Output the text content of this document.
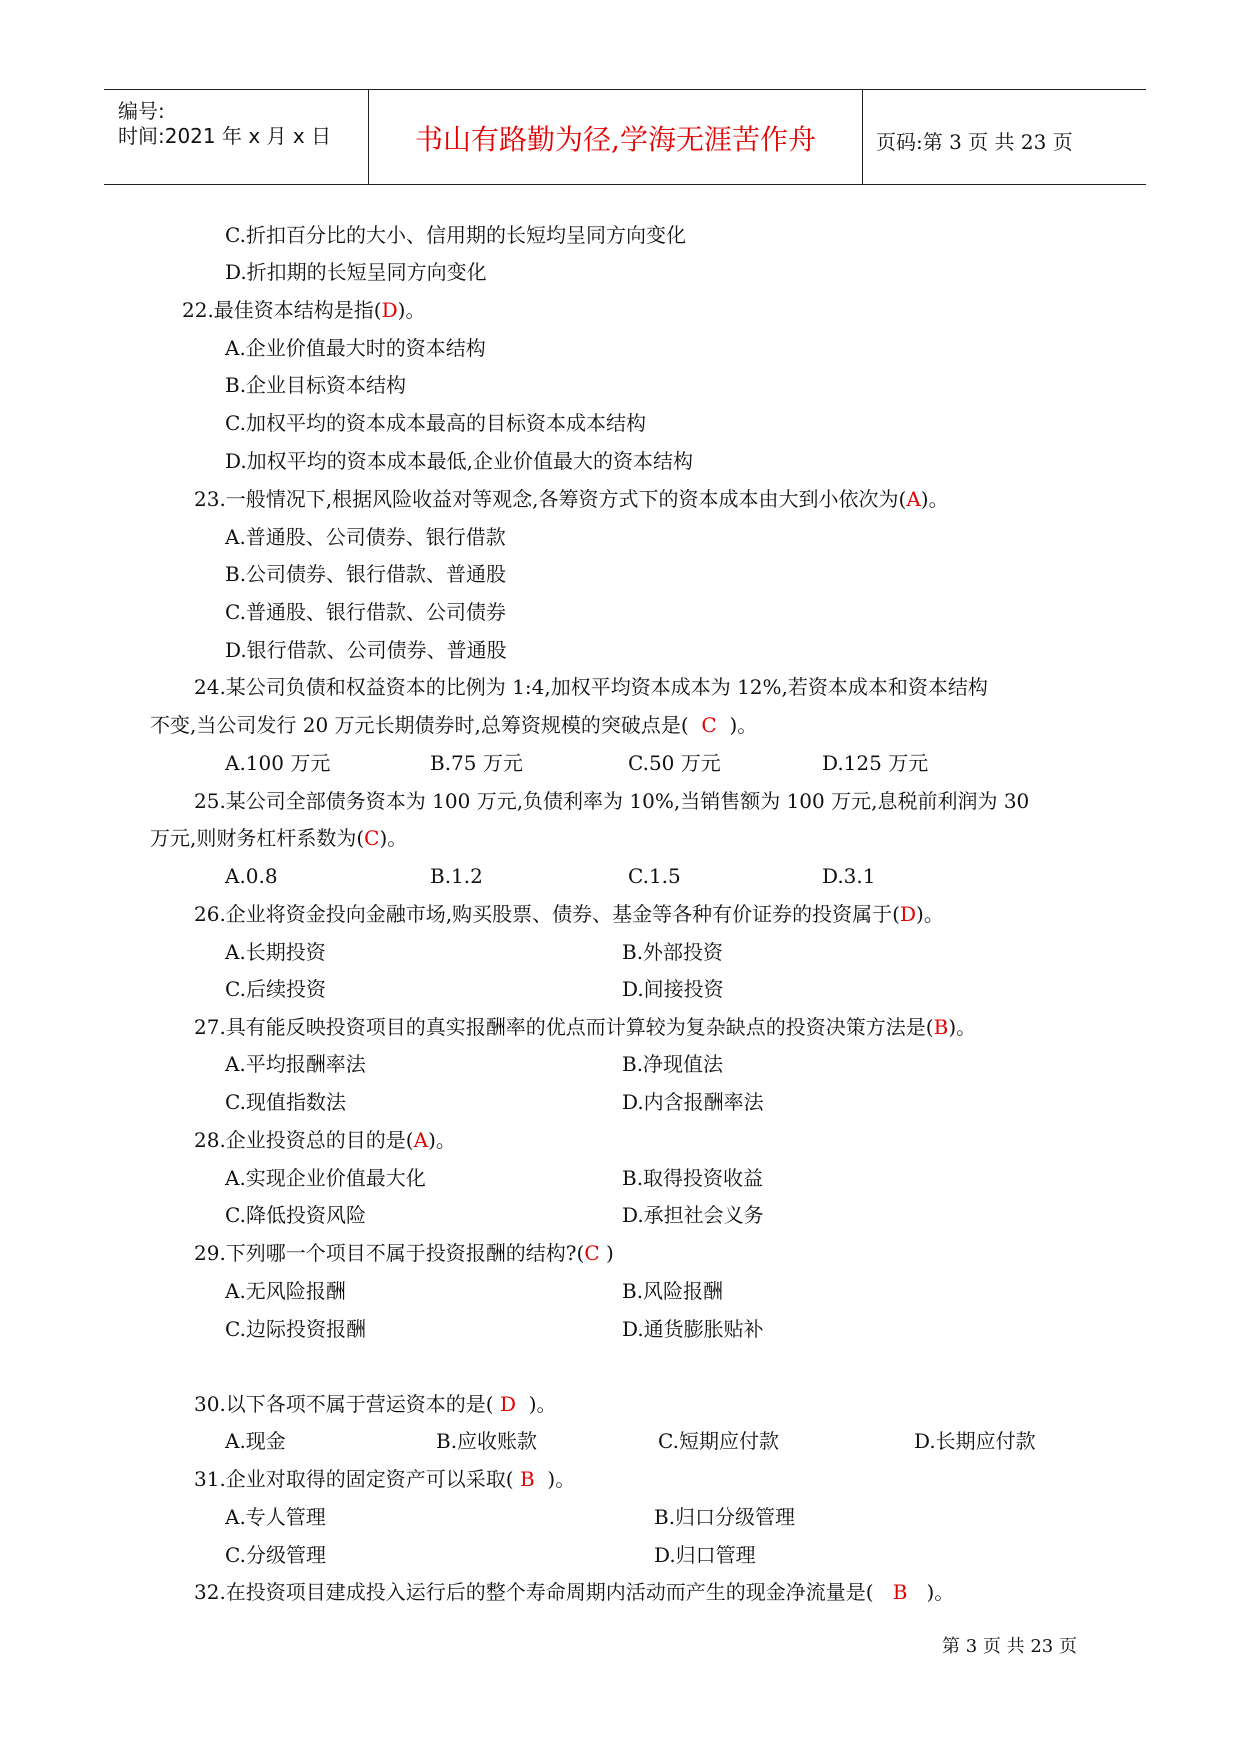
编号:
时间:2021 年 x 月 x 日	书山有路勤为径,学海无涯苦作舟	页码:第 3 页 共 23 页
C.折扣百分比的大小、信用期的长短均呈同方向变化
D.折扣期的长短呈同方向变化
22.最佳资本结构是指(D)。
A.企业价值最大时的资本结构
B.企业目标资本结构
C.加权平均的资本成本最高的目标资本成本结构
D.加权平均的资本成本最低,企业价值最大的资本结构
23.一般情况下,根据风险收益对等观念,各筹资方式下的资本成本由大到小依次为(A)。
A.普通股、公司债券、银行借款
B.公司债券、银行借款、普通股
C.普通股、银行借款、公司债券
D.银行借款、公司债券、普通股
24.某公司负债和权益资本的比例为 1:4,加权平均资本成本为 12%,若资本成本和资本结构
不变,当公司发行 20 万元长期债券时,总筹资规模的突破点是( C )。
A.100 万元	B.75 万元	C.50 万元	D.125 万元
25.某公司全部债务资本为 100 万元,负债利率为 10%,当销售额为 100 万元,息税前利润为 30
万元,则财务杠杆系数为(C)。
A.0.8	B.1.2	C.1.5	D.3.1
26.企业将资金投向金融市场,购买股票、债券、基金等各种有价证券的投资属于(D)。
A.长期投资	B.外部投资
C.后续投资	D.间接投资
27.具有能反映投资项目的真实报酬率的优点而计算较为复杂缺点的投资决策方法是(B)。
A.平均报酬率法	B.净现值法
C.现值指数法	D.内含报酬率法
28.企业投资总的目的是(A)。
A.实现企业价值最大化	B.取得投资收益
C.降低投资风险	D.承担社会义务
29.下列哪一个项目不属于投资报酬的结构?(C )
A.无风险报酬	B.风险报酬
C.边际投资报酬	D.通货膨胀贴补
30.以下各项不属于营运资本的是( D )。
A.现金	B.应收账款	C.短期应付款	D.长期应付款
31.企业对取得的固定资产可以采取( B )。
A.专人管理	B.归口分级管理
C.分级管理	D.归口管理
32.在投资项目建成投入运行后的整个寿命周期内活动而产生的现金净流量是( B )。
第 3 页 共 23 页
